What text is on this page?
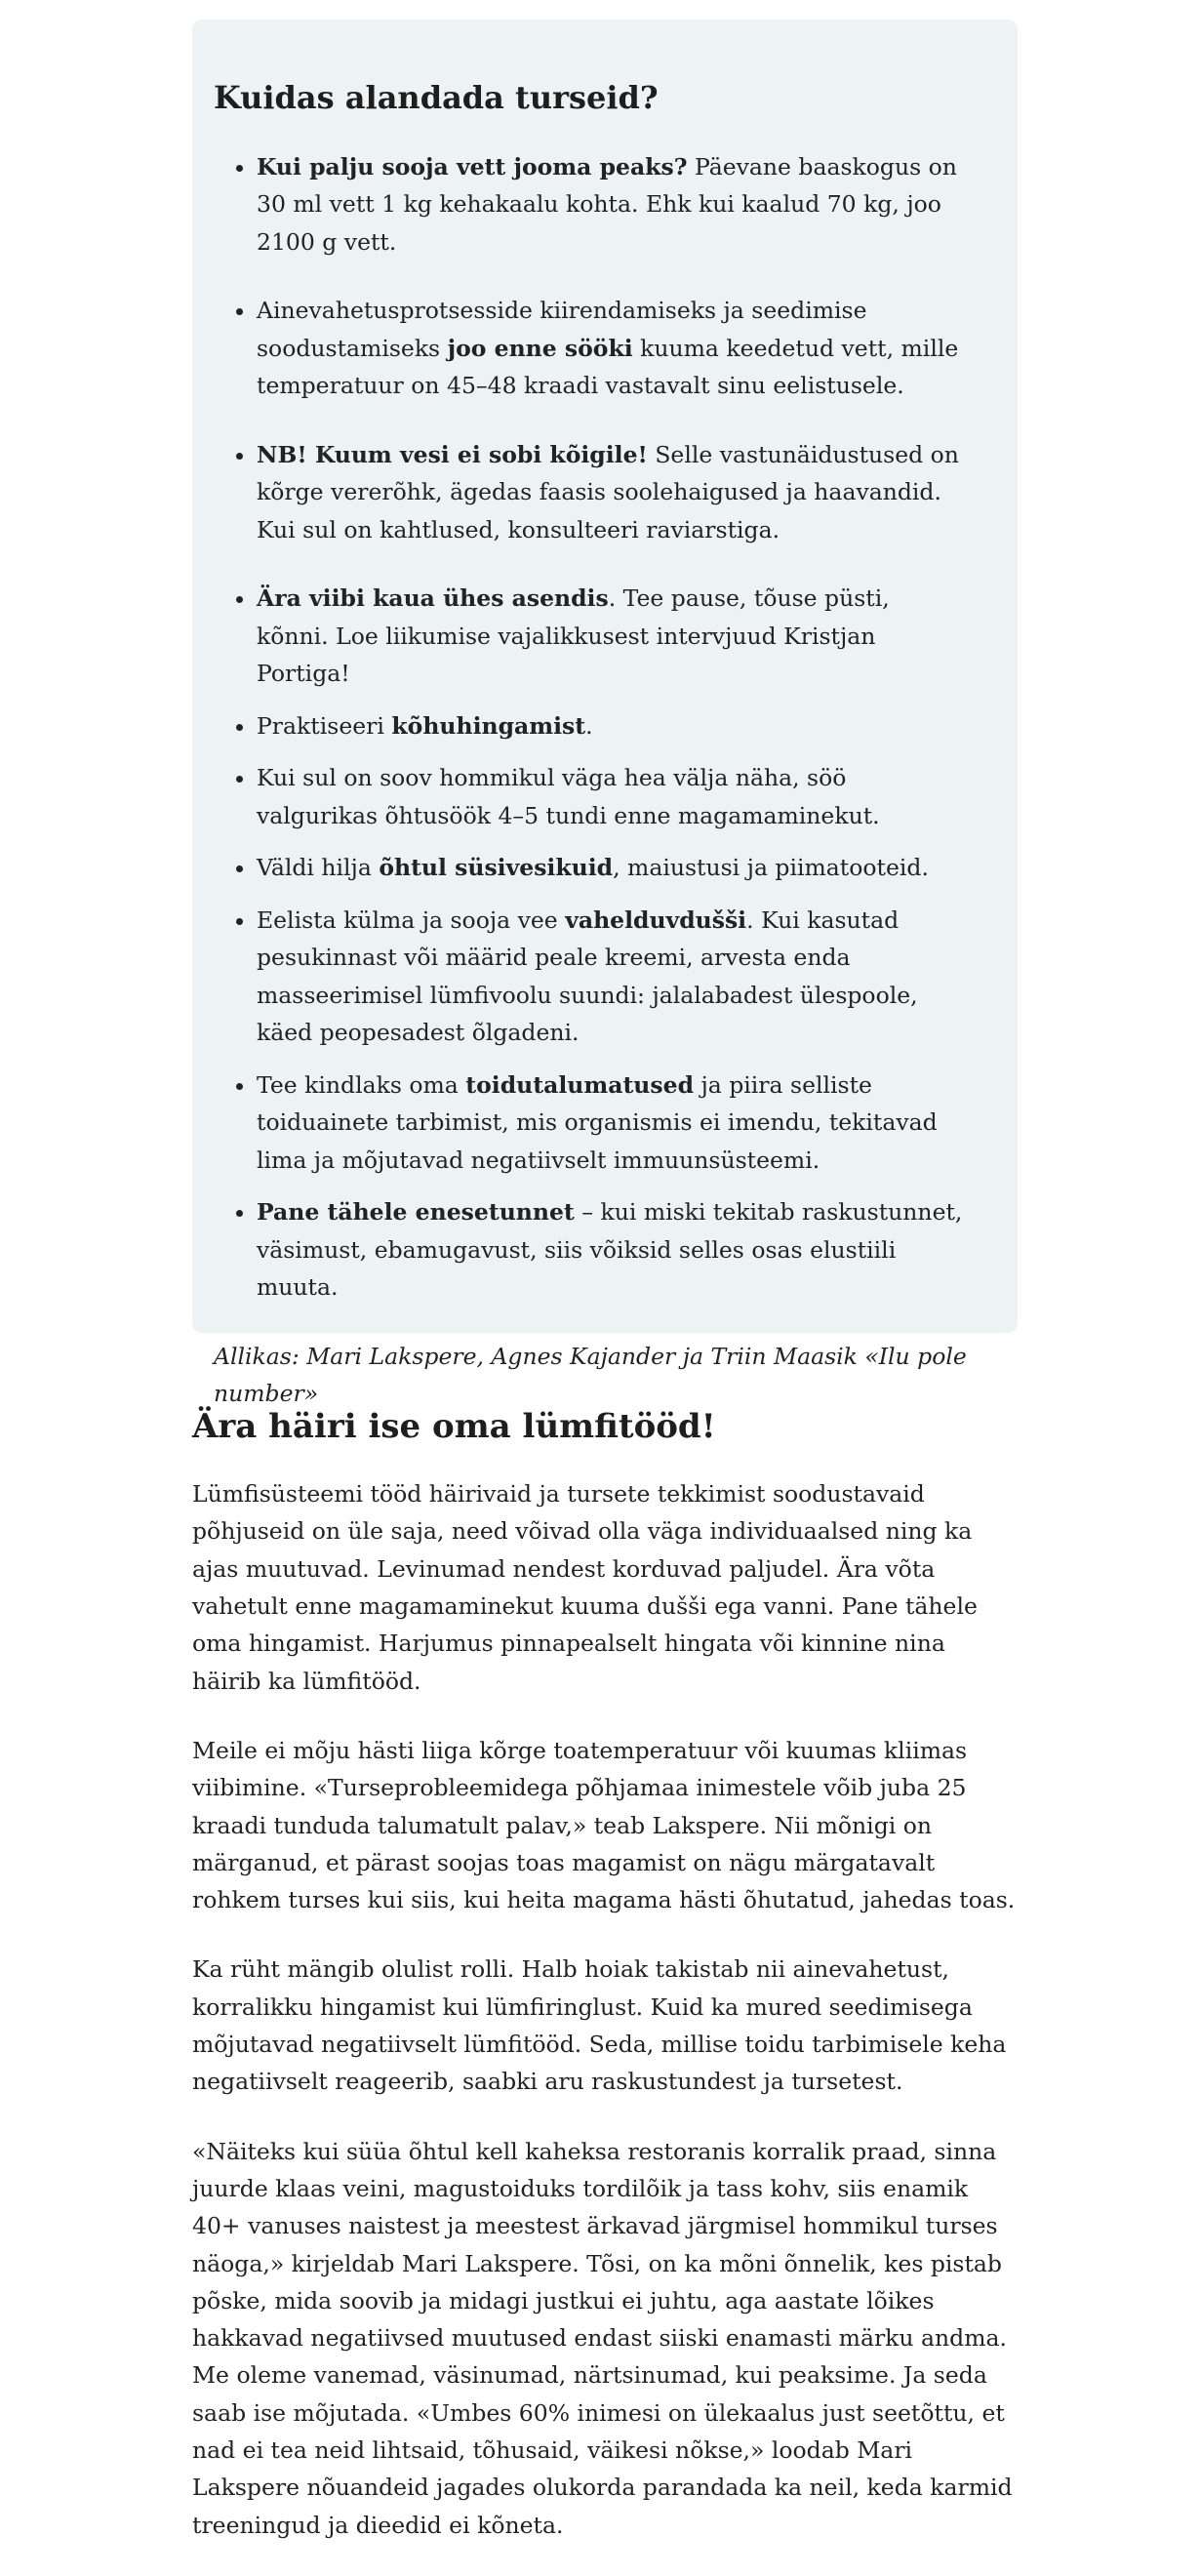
Kuidas alandada turseid?
• Kui palju sooja vett jooma peaks? Päevane baaskogus on 30 ml vett 1 kg kehakaalu kohta. Ehk kui kaalud 70 kg, joo 2100 g vett.
• Ainevahetusprotsesside kiirendamiseks ja seedimise soodustamiseks joo enne sööki kuuma keedetud vett, mille temperatuur on 45–48 kraadi vastavalt sinu eelistusele.
• NB! Kuum vesi ei sobi kõigile! Selle vastunäidustused on kõrge vererõhk, ägedas faasis soolehaigused ja haavandid. Kui sul on kahtlused, konsulteeri raviarstiga.
• Ära viibi kaua ühes asendis. Tee pause, tõuse püsti, kõnni. Loe liikumise vajalikkusest intervjuud Kristjan Portiga!
• Praktiseeri kõhuhingamist.
• Kui sul on soov hommikul väga hea välja näha, söö valgurikas õhtusöök 4–5 tundi enne magamaminekut.
• Väldi hilja õhtul süsivesikuid, maiustusi ja piimatooteid.
• Eelista külma ja sooja vee vahelduvdušši. Kui kasutad pesukinnast või määrid peale kreemi, arvesta enda masseerimisel lümfivoolu suundi: jalalabadest ülespoole, käed peopesadest õlgadeni.
• Tee kindlaks oma toidutalumatused ja piira selliste toiduainete tarbimist, mis organismis ei imendu, tekitavad lima ja mõjutavad negatiivselt immuunsüsteemi.
• Pane tähele enesetunnet – kui miski tekitab raskustunnet, väsimust, ebamugavust, siis võiksid selles osas elustiili muuta.

Allikas: Mari Lakspere, Agnes Kajander ja Triin Maasik «Ilu pole number»

Ära häiri ise oma lümfitööd!

Lümfisüsteemi tööd häirivaid ja tursete tekkimist soodustavaid põhjuseid on üle saja, need võivad olla väga individuaalsed ning ka ajas muutuvad. Levinumad nendest korduvad paljudel. Ära võta vahetult enne magamaminekut kuuma dušši ega vanni. Pane tähele oma hingamist. Harjumus pinnapealselt hingata või kinnine nina häirib ka lümfitööd.

Meile ei mõju hästi liiga kõrge toatemperatuur või kuumas kliimas viibimine. «Turseprobleemidega põhjamaa inimestele võib juba 25 kraadi tunduda talumatult palav,» teab Lakspere. Nii mõnigi on märganud, et pärast soojas toas magamist on nägu märgatavalt rohkem turses kui siis, kui heita magama hästi õhutatud, jahedas toas.

Ka rüht mängib olulist rolli. Halb hoiak takistab nii ainevahetust, korralikku hingamist kui lümfiringlust. Kuid ka mured seedimisega mõjutavad negatiivselt lümfitööd. Seda, millise toidu tarbimisele keha negatiivselt reageerib, saabki aru raskustundest ja tursetest.

«Näiteks kui süüa õhtul kell kaheksa restoranis korralik praad, sinna juurde klaas veini, magustoiduks tordilõik ja tass kohv, siis enamik 40+ vanuses naistest ja meestest ärkavad järgmisel hommikul turses näoga,» kirjeldab Mari Lakspere. Tõsi, on ka mõni õnnelik, kes pistab põske, mida soovib ja midagi justkui ei juhtu, aga aastate lõikes hakkavad negatiivsed muutused endast siiski enamasti märku andma. Me oleme vanemad, väsinumad, närtsinumad, kui peaksime. Ja seda saab ise mõjutada. «Umbes 60% inimesi on ülekaalus just seetõttu, et nad ei tea neid lihtsaid, tõhusaid, väikesi nõkse,» loodab Mari Lakspere nõuandeid jagades olukorda parandada ka neil, keda karmid treeningud ja dieedid ei kõneta.
